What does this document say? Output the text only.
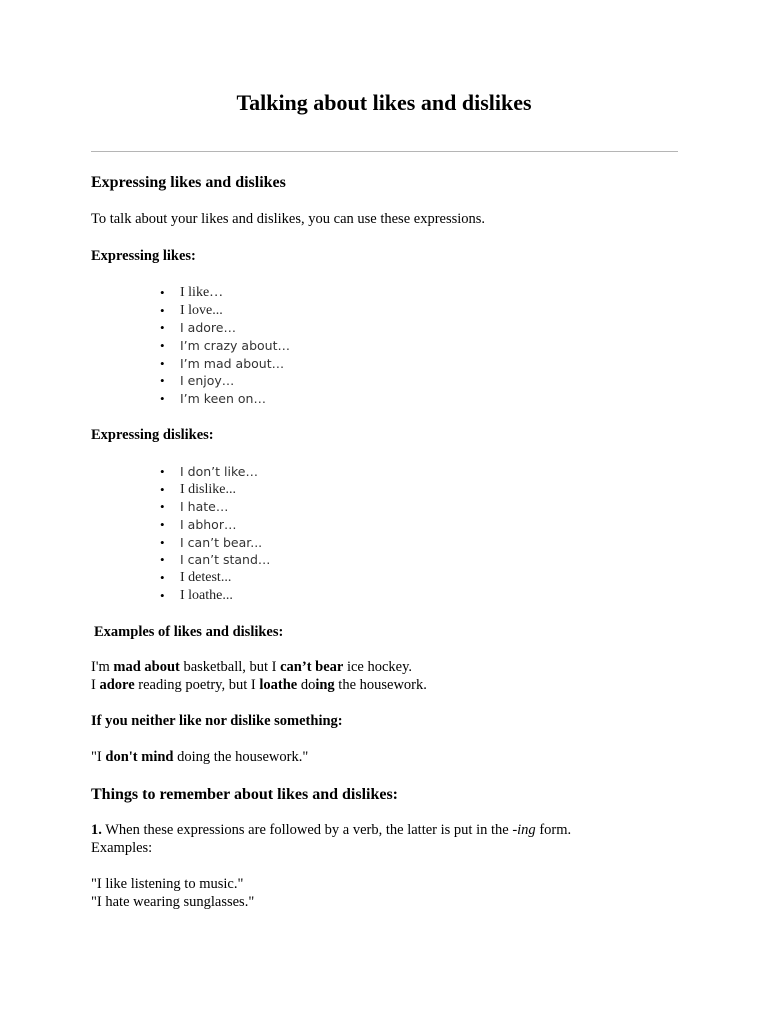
Talking about likes and dislikes
Expressing likes and dislikes
To talk about your likes and dislikes, you can use these expressions.
Expressing likes:
• I like…
• I love...
• I adore…
• I’m crazy about…
• I’m mad about…
• I enjoy…
• I’m keen on…
Expressing dislikes:
• I don’t like…
• I dislike...
• I hate…
• I abhor…
• I can’t bear...
• I can’t stand…
• I detest...
• I loathe...
Examples of likes and dislikes:
I'm mad about basketball, but I can’t bear ice hockey.
I adore reading poetry, but I loathe doing the housework.
If you neither like nor dislike something:
"I don't mind doing the housework."
Things to remember about likes and dislikes:
1. When these expressions are followed by a verb, the latter is put in the -ing form.
Examples:
"I like listening to music."
"I hate wearing sunglasses."
